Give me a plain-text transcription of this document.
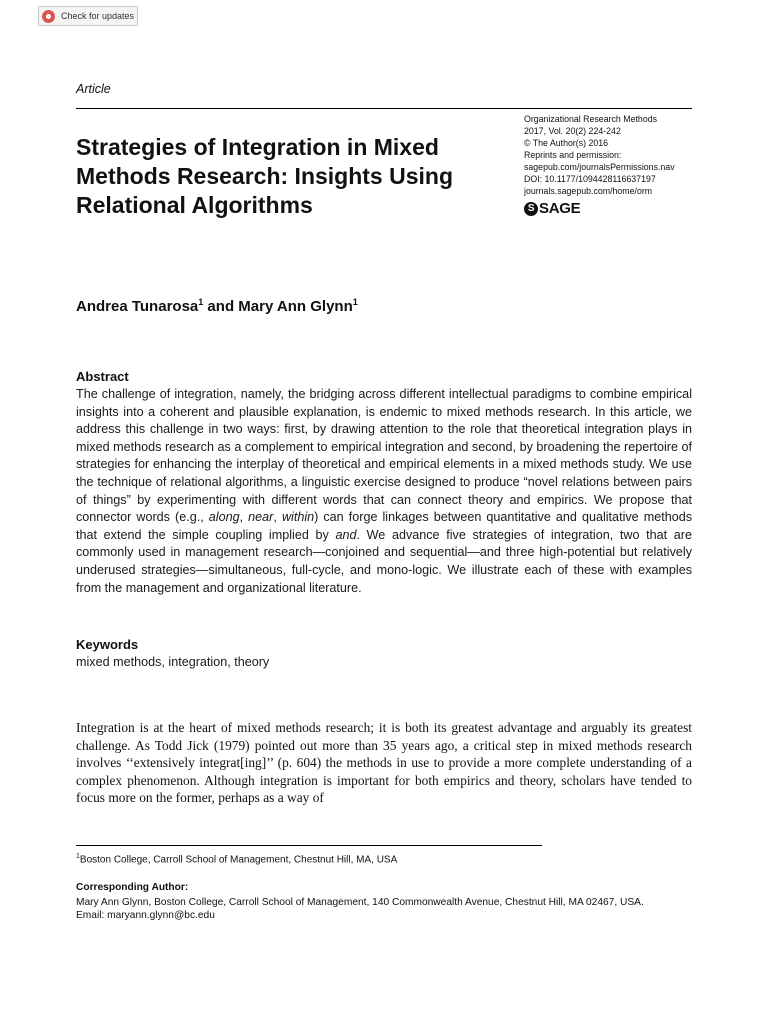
Check for updates
Article
Strategies of Integration in Mixed Methods Research: Insights Using Relational Algorithms
Organizational Research Methods
2017, Vol. 20(2) 224-242
© The Author(s) 2016
Reprints and permission:
sagepub.com/journalsPermissions.nav
DOI: 10.1177/1094428116637197
journals.sagepub.com/home/orm
S SAGE
Andrea Tunarosa$^1$ and Mary Ann Glynn$^1$
Abstract

The challenge of integration, namely, the bridging across different intellectual paradigms to combine empirical insights into a coherent and plausible explanation, is endemic to mixed methods research. In this article, we address this challenge in two ways: first, by drawing attention to the role that theoretical integration plays in mixed methods research as a complement to empirical integration and second, by broadening the repertoire of strategies for enhancing the interplay of theoretical and empirical elements in a mixed methods study. We use the technique of relational algorithms, a linguistic exercise designed to produce “novel relations between pairs of things” by experimenting with different words that can connect theory and empirics. We propose that connector words (e.g., along, near, within) can forge linkages between quantitative and qualitative methods that extend the simple coupling implied by and. We advance five strategies of integration, two that are commonly used in management research—conjoined and sequential—and three high-potential but relatively underused strategies—simultaneous, full-cycle, and mono-logic. We illustrate each of these with examples from the management and organizational literature.

Keywords
mixed methods, integration, theory

Integration is at the heart of mixed methods research; it is both its greatest advantage and arguably its greatest challenge. As Todd Jick (1979) pointed out more than 35 years ago, a critical step in mixed methods research involves ‘‘extensively integrat[ing]’’ (p. 604) the methods in use to provide a more complete understanding of a complex phenomenon. Although integration is important for both empirics and theory, scholars have tended to focus more on the former, perhaps as a way of

$^1$Boston College, Carroll School of Management, Chestnut Hill, MA, USA
Corresponding Author:
Mary Ann Glynn, Boston College, Carroll School of Management, 140 Commonwealth Avenue, Chestnut Hill, MA 02467, USA.
Email: maryann.glynn@bc.edu
